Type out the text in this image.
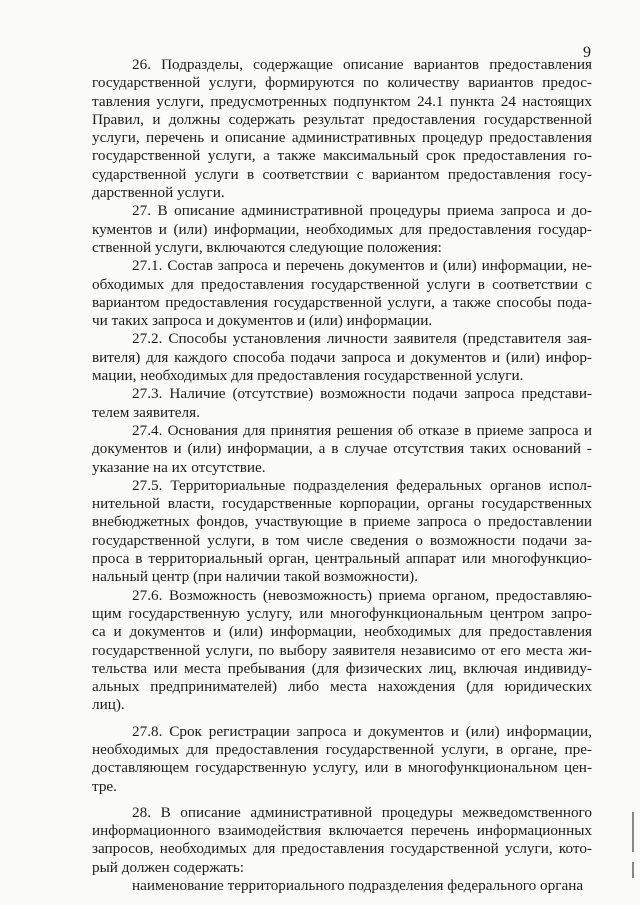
9
26. Подразделы, содержащие описание вариантов предоставления
государственной услуги, формируются по количеству вариантов предос-
тавления услуги, предусмотренных подпунктом 24.1 пункта 24 настоящих
Правил, и должны содержать результат предоставления государственной
услуги, перечень и описание административных процедур предоставления
государственной услуги, а также максимальный срок предоставления го-
сударственной услуги в соответствии с вариантом предоставления госу-
дарственной услуги.
27. В описание административной процедуры приема запроса и до-
кументов и (или) информации, необходимых для предоставления государ-
ственной услуги, включаются следующие положения:
27.1. Состав запроса и перечень документов и (или) информации, не-
обходимых для предоставления государственной услуги в соответствии с
вариантом предоставления государственной услуги, а также способы пода-
чи таких запроса и документов и (или) информации.
27.2. Способы установления личности заявителя (представителя зая-
вителя) для каждого способа подачи запроса и документов и (или) инфор-
мации, необходимых для предоставления государственной услуги.
27.3. Наличие (отсутствие) возможности подачи запроса представи-
телем заявителя.
27.4. Основания для принятия решения об отказе в приеме запроса и
документов и (или) информации, а в случае отсутствия таких оснований -
указание на их отсутствие.
27.5. Территориальные подразделения федеральных органов испол-
нительной власти, государственные корпорации, органы государственных
внебюджетных фондов, участвующие в приеме запроса о предоставлении
государственной услуги, в том числе сведения о возможности подачи за-
проса в территориальный орган, центральный аппарат или многофункцио-
нальный центр (при наличии такой возможности).
27.6. Возможность (невозможность) приема органом, предоставляю-
щим государственную услугу, или многофункциональным центром запро-
са и документов и (или) информации, необходимых для предоставления
государственной услуги, по выбору заявителя независимо от его места жи-
тельства или места пребывания (для физических лиц, включая индивиду-
альных предпринимателей) либо места нахождения (для юридических
лиц).
27.8. Срок регистрации запроса и документов и (или) информации,
необходимых для предоставления государственной услуги, в органе, пре-
доставляющем государственную услугу, или в многофункциональном цен-
тре.
28. В описание административной процедуры межведомственного
информационного взаимодействия включается перечень информационных
запросов, необходимых для предоставления государственной услуги, кото-
рый должен содержать:
наименование территориального подразделения федерального органа
